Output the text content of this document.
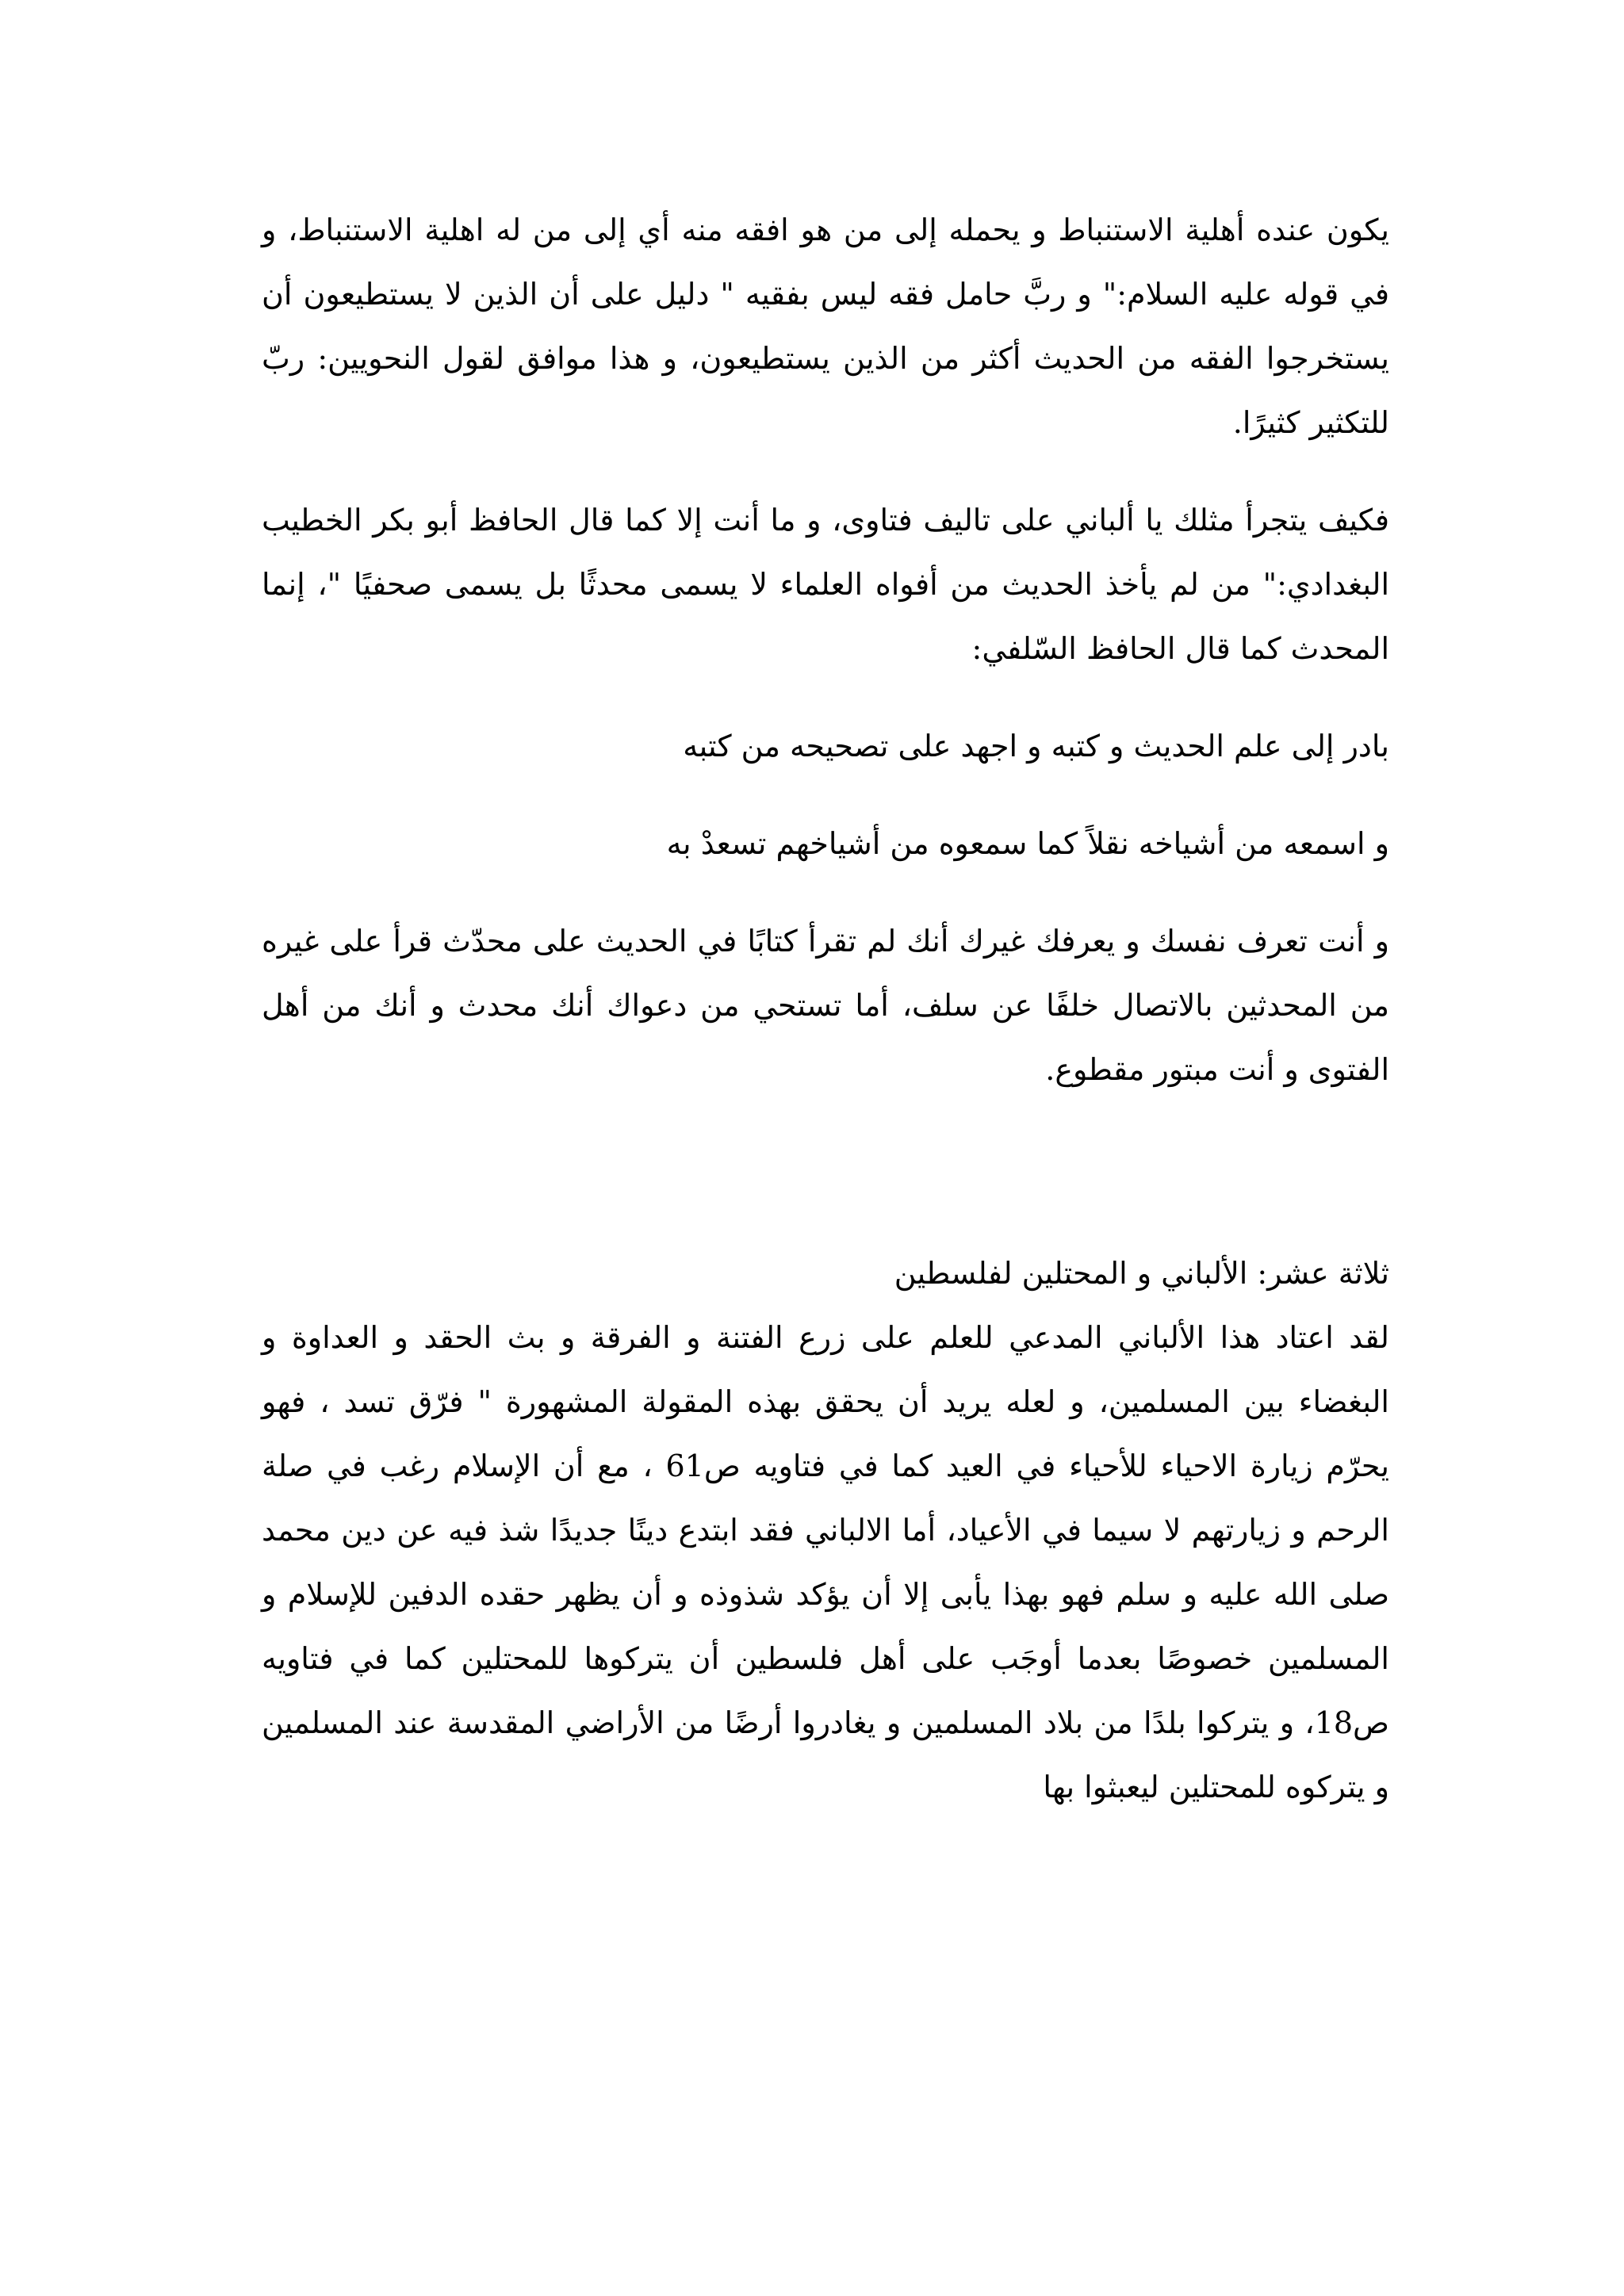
يكون عنده أهلية الاستنباط و يحمله إلى من هو افقه منه أي إلى من له اهلية الاستنباط، و في قوله عليه السلام:" و ربَّ حامل فقه ليس بفقيه " دليل على أن الذين لا يستطيعون أن يستخرجوا الفقه من الحديث أكثر من الذين يستطيعون، و هذا موافق لقول النحويين: ربّ للتكثير كثيرًا.

فكيف يتجرأ مثلك يا ألباني على تاليف فتاوى، و ما أنت إلا كما قال الحافظ أبو بكر الخطيب البغدادي:" من لم يأخذ الحديث من أفواه العلماء لا يسمى محدثًا بل يسمى صحفيًا "، إنما المحدث كما قال الحافظ السّلفي:

بادر إلى علم الحديث و كتبه و اجهد على تصحيحه من كتبه

و اسمعه من أشياخه نقلاً كما سمعوه من أشياخهم تسعدْ به

و أنت تعرف نفسك و يعرفك غيرك أنك لم تقرأ كتابًا في الحديث على محدّث قرأ على غيره من المحدثين بالاتصال خلفًا عن سلف، أما تستحي من دعواك أنك محدث و أنك من أهل الفتوى و أنت مبتور مقطوع.

ثلاثة عشر: الألباني و المحتلين لفلسطين

لقد اعتاد هذا الألباني المدعي للعلم على زرع الفتنة و الفرقة و بث الحقد و العداوة و البغضاء بين المسلمين، و لعله يريد أن يحقق بهذه المقولة المشهورة " فرّق تسد ، فهو يحرّم زيارة الاحياء للأحياء في العيد كما في فتاويه ص61 ، مع أن الإسلام رغب في صلة الرحم و زيارتهم لا سيما في الأعياد، أما الالباني فقد ابتدع دينًا جديدًا شذ فيه عن دين محمد صلى الله عليه و سلم فهو بهذا يأبى إلا أن يؤكد شذوذه و أن يظهر حقده الدفين للإسلام و المسلمين خصوصًا بعدما أوجَب على أهل فلسطين أن يتركوها للمحتلين كما في فتاويه ص18، و يتركوا بلدًا من بلاد المسلمين و يغادروا أرضًا من الأراضي المقدسة عند المسلمين و يتركوه للمحتلين ليعبثوا بها
